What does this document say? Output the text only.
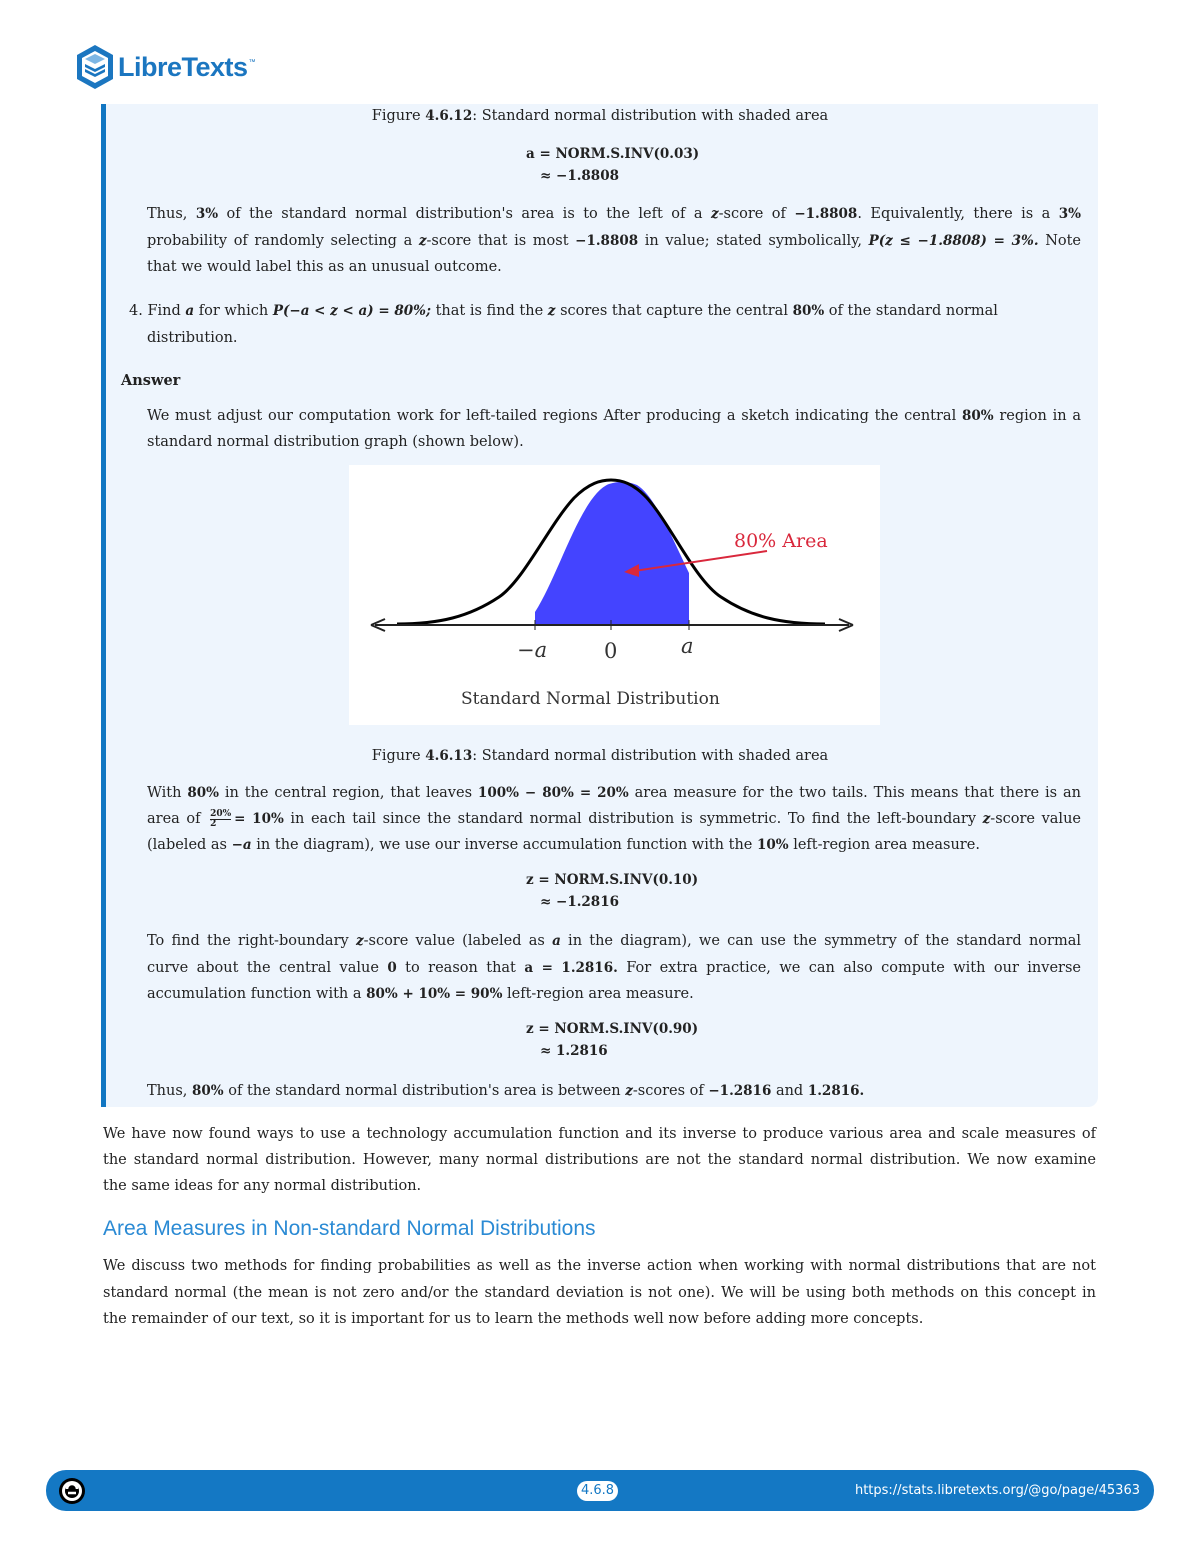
LibreTexts ™
Figure 4.6.12: Standard normal distribution with shaded area
a = NORM.S.INV(0.03)
≈ −1.8808
Thus, 3% of the standard normal distribution's area is to the left of a z-score of −1.8808. Equivalently, there is a 3%
probability of randomly selecting a z-score that is most −1.8808 in value; stated symbolically, P(z ≤ −1.8808) = 3%. Note
that we would label this as an unusual outcome.
4. Find a for which P(−a < z < a) = 80%; that is find the z scores that capture the central 80% of the standard normal
distribution.
Answer
We must adjust our computation work for left-tailed regions After producing a sketch indicating the central 80% region in a
standard normal distribution graph (shown below).
80% Area
−a	0	a
Standard Normal Distribution
Figure 4.6.13: Standard normal distribution with shaded area
With 80% in the central region, that leaves 100% − 80% = 20% area measure for the two tails. This means that there is an
area of $\frac{20\%}{2} = 10\%$ in each tail since the standard normal distribution is symmetric. To find the left-boundary z-score value
(labeled as −a in the diagram), we use our inverse accumulation function with the 10% left-region area measure.
z = NORM.S.INV(0.10)
≈ −1.2816
To find the right-boundary z-score value (labeled as a in the diagram), we can use the symmetry of the standard normal
curve about the central value 0 to reason that a = 1.2816. For extra practice, we can also compute with our inverse
accumulation function with a 80% + 10% = 90% left-region area measure.
z = NORM.S.INV(0.90)
≈ 1.2816
Thus, 80% of the standard normal distribution's area is between z-scores of −1.2816 and 1.2816.
We have now found ways to use a technology accumulation function and its inverse to produce various area and scale measures of
the standard normal distribution. However, many normal distributions are not the standard normal distribution. We now examine
the same ideas for any normal distribution.
Area Measures in Non-standard Normal Distributions
We discuss two methods for finding probabilities as well as the inverse action when working with normal distributions that are not
standard normal (the mean is not zero and/or the standard deviation is not one). We will be using both methods on this concept in
the remainder of our text, so it is important for us to learn the methods well now before adding more concepts.
4.6.8	https://stats.libretexts.org/@go/page/45363
